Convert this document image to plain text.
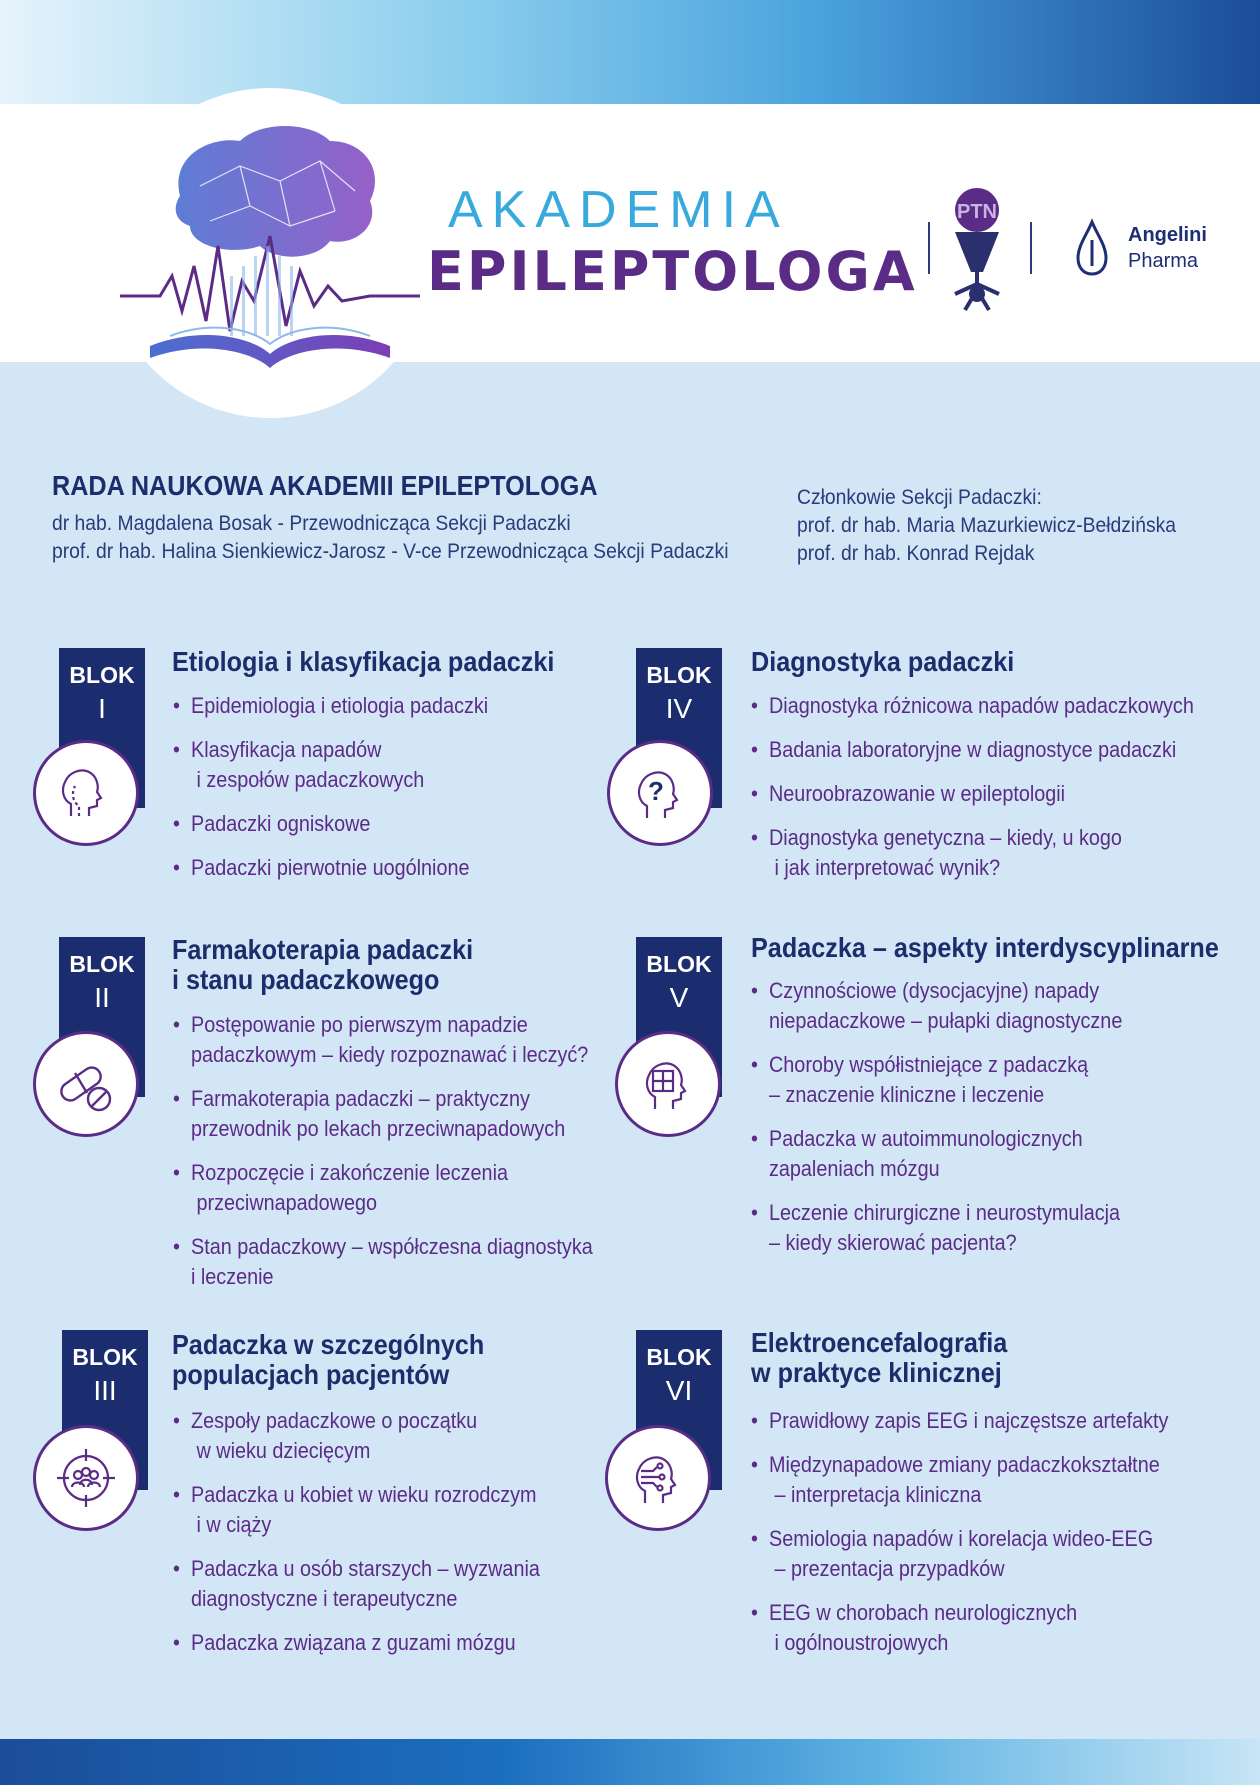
AKADEMIA
EPILEPTOLOGA
PTN
Angelini
Pharma
RADA NAUKOWA AKADEMII EPILEPTOLOGA
dr hab. Magdalena Bosak - Przewodnicząca Sekcji Padaczki
prof. dr hab. Halina Sienkiewicz-Jarosz - V-ce Przewodnicząca Sekcji Padaczki
Członkowie Sekcji Padaczki:
prof. dr hab. Maria Mazurkiewicz-Bełdzińska
prof. dr hab. Konrad Rejdak
BLOK
I
Etiologia i klasyfikacja padaczki
• Epidemiologia i etiologia padaczki
• Klasyfikacja napadów
i zespołów padaczkowych
• Padaczki ogniskowe
• Padaczki pierwotnie uogólnione
BLOK
IV
?
Diagnostyka padaczki
• Diagnostyka różnicowa napadów padaczkowych
• Badania laboratoryjne w diagnostyce padaczki
• Neuroobrazowanie w epileptologii
• Diagnostyka genetyczna – kiedy, u kogo
i jak interpretować wynik?
BLOK
II
Farmakoterapia padaczki
i stanu padaczkowego
• Postępowanie po pierwszym napadzie
padaczkowym – kiedy rozpoznawać i leczyć?
• Farmakoterapia padaczki – praktyczny
przewodnik po lekach przeciwnapadowych
• Rozpoczęcie i zakończenie leczenia
przeciwnapadowego
• Stan padaczkowy – współczesna diagnostyka
i leczenie
BLOK
V
Padaczka – aspekty interdyscyplinarne
• Czynnościowe (dysocjacyjne) napady
niepadaczkowe – pułapki diagnostyczne
• Choroby współistniejące z padaczką
– znaczenie kliniczne i leczenie
• Padaczka w autoimmunologicznych
zapaleniach mózgu
• Leczenie chirurgiczne i neurostymulacja
– kiedy skierować pacjenta?
BLOK
III
Padaczka w szczególnych
populacjach pacjentów
• Zespoły padaczkowe o początku
w wieku dziecięcym
• Padaczka u kobiet w wieku rozrodczym
i w ciąży
• Padaczka u osób starszych – wyzwania
diagnostyczne i terapeutyczne
• Padaczka związana z guzami mózgu
BLOK
VI
Elektroencefalografia
w praktyce klinicznej
• Prawidłowy zapis EEG i najczęstsze artefakty
• Międzynapadowe zmiany padaczkokształtne
– interpretacja kliniczna
• Semiologia napadów i korelacja wideo-EEG
– prezentacja przypadków
• EEG w chorobach neurologicznych
i ogólnoustrojowych
